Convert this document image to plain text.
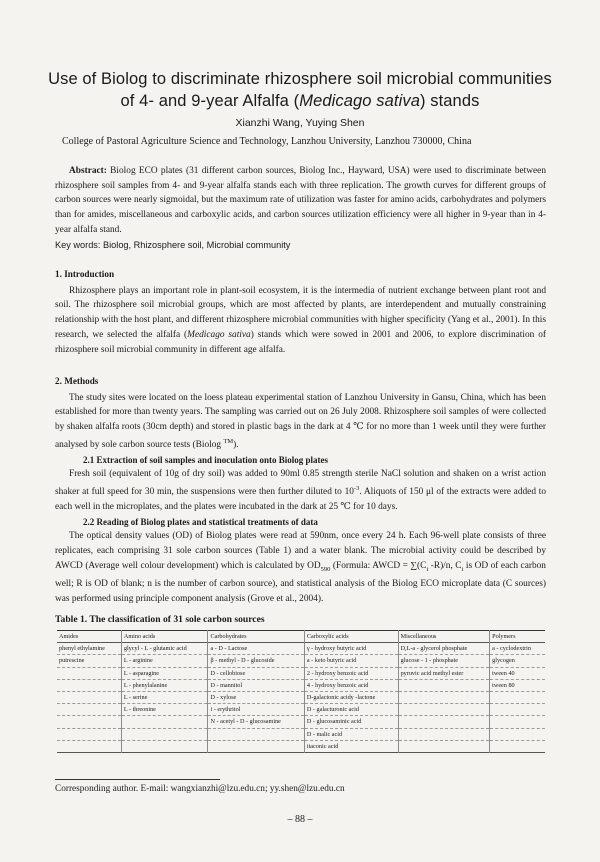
Use of Biolog to discriminate rhizosphere soil microbial communities
of 4- and 9-year Alfalfa (Medicago sativa) stands
Xianzhi Wang, Yuying Shen
College of Pastoral Agriculture Science and Technology, Lanzhou University, Lanzhou 730000, China

Abstract: Biolog ECO plates (31 different carbon sources, Biolog Inc., Hayward, USA) were used to discriminate between rhizosphere soil samples from 4- and 9-year alfalfa stands each with three replication. The growth curves for different groups of carbon sources were nearly sigmoidal, but the maximum rate of utilization was faster for amino acids, carbohydrates and polymers than for amides, miscellaneous and carboxylic acids, and carbon sources utilization efficiency were all higher in 9-year than in 4-year alfalfa stand.

Key words: Biolog, Rhizosphere soil, Microbial community

1. Introduction

Rhizosphere plays an important role in plant-soil ecosystem, it is the intermedia of nutrient exchange between plant root and soil. The rhizosphere soil microbial groups, which are most affected by plants, are interdependent and mutually constraining relationship with the host plant, and different rhizosphere microbial communities with higher specificity (Yang et al., 2001). In this research, we selected the alfalfa (Medicago sativa) stands which were sowed in 2001 and 2006, to explore discrimination of rhizosphere soil microbial community in different age alfalfa.

2. Methods

The study sites were located on the loess plateau experimental station of Lanzhou University in Gansu, China, which has been established for more than twenty years. The sampling was carried out on 26 July 2008. Rhizosphere soil samples of were collected by shaken alfalfa roots (30cm depth) and stored in plastic bags in the dark at 4 ℃ for no more than 1 week until they were further analysed by sole carbon source tests (Biolog ™).

2.1 Extraction of soil samples and inoculation onto Biolog plates

Fresh soil (equivalent of 10g of dry soil) was added to 90ml 0.85 strength sterile NaCl solution and shaken on a wrist action shaker at full speed for 30 min, the suspensions were then further diluted to $10^{-3}$. Aliquots of 150 μl of the extracts were added to each well in the microplates, and the plates were incubated in the dark at 25 ℃ for 10 days.

2.2 Reading of Biolog plates and statistical treatments of data

The optical density values (OD) of Biolog plates were read at 590nm, once every 24 h. Each 96-well plate consists of three replicates, each comprising 31 sole carbon sources (Table 1) and a water blank. The microbial activity could be described by AWCD (Average well colour development) which is calculated by $OD_{590}$ (Formula: AWCD = $\sum(C_i$ -R)/n, $C_i$ is OD of each carbon well; R is OD of blank; n is the number of carbon source), and statistical analysis of the Biolog ECO microplate data (C sources) was performed using principle component analysis (Grove et al., 2004).

Table 1. The classification of 31 sole carbon sources
Amides	Amino acids	Carbohydrates	Carboxylic acids	Miscellaneous	Polymers
phenyl ethylamine	glycyl - L - glutamic acid	a - D - Lactose	γ - hydroxy butyric acid	D,L-a - glycerol phosphate	a - cyclodextrin
putrescine	L - arginine	β - methyl - D - glucoside	a - keto butyric acid	glucose - 1 - phosphate	glycogen
	L - asparagine	D - cellobiose	2 - hydroxy benzoic acid	pyruvic acid methyl ester	tween 40
	L - phenylalanine	D - mannitol	4 - hydroxy benzoic acid		tween 80
	L - serine	D - xylose	D-galactonic acidy -lactone		
	L - threonine	i - erythritol	D - galacturonic acid		
		N - acetyl - D - glucosamine	D - glucosaminic acid		
			D - malic acid		
			itaconic acid		
Corresponding author. E-mail: wangxianzhi@lzu.edu.cn; yy.shen@lzu.edu.cn
– 88 –
